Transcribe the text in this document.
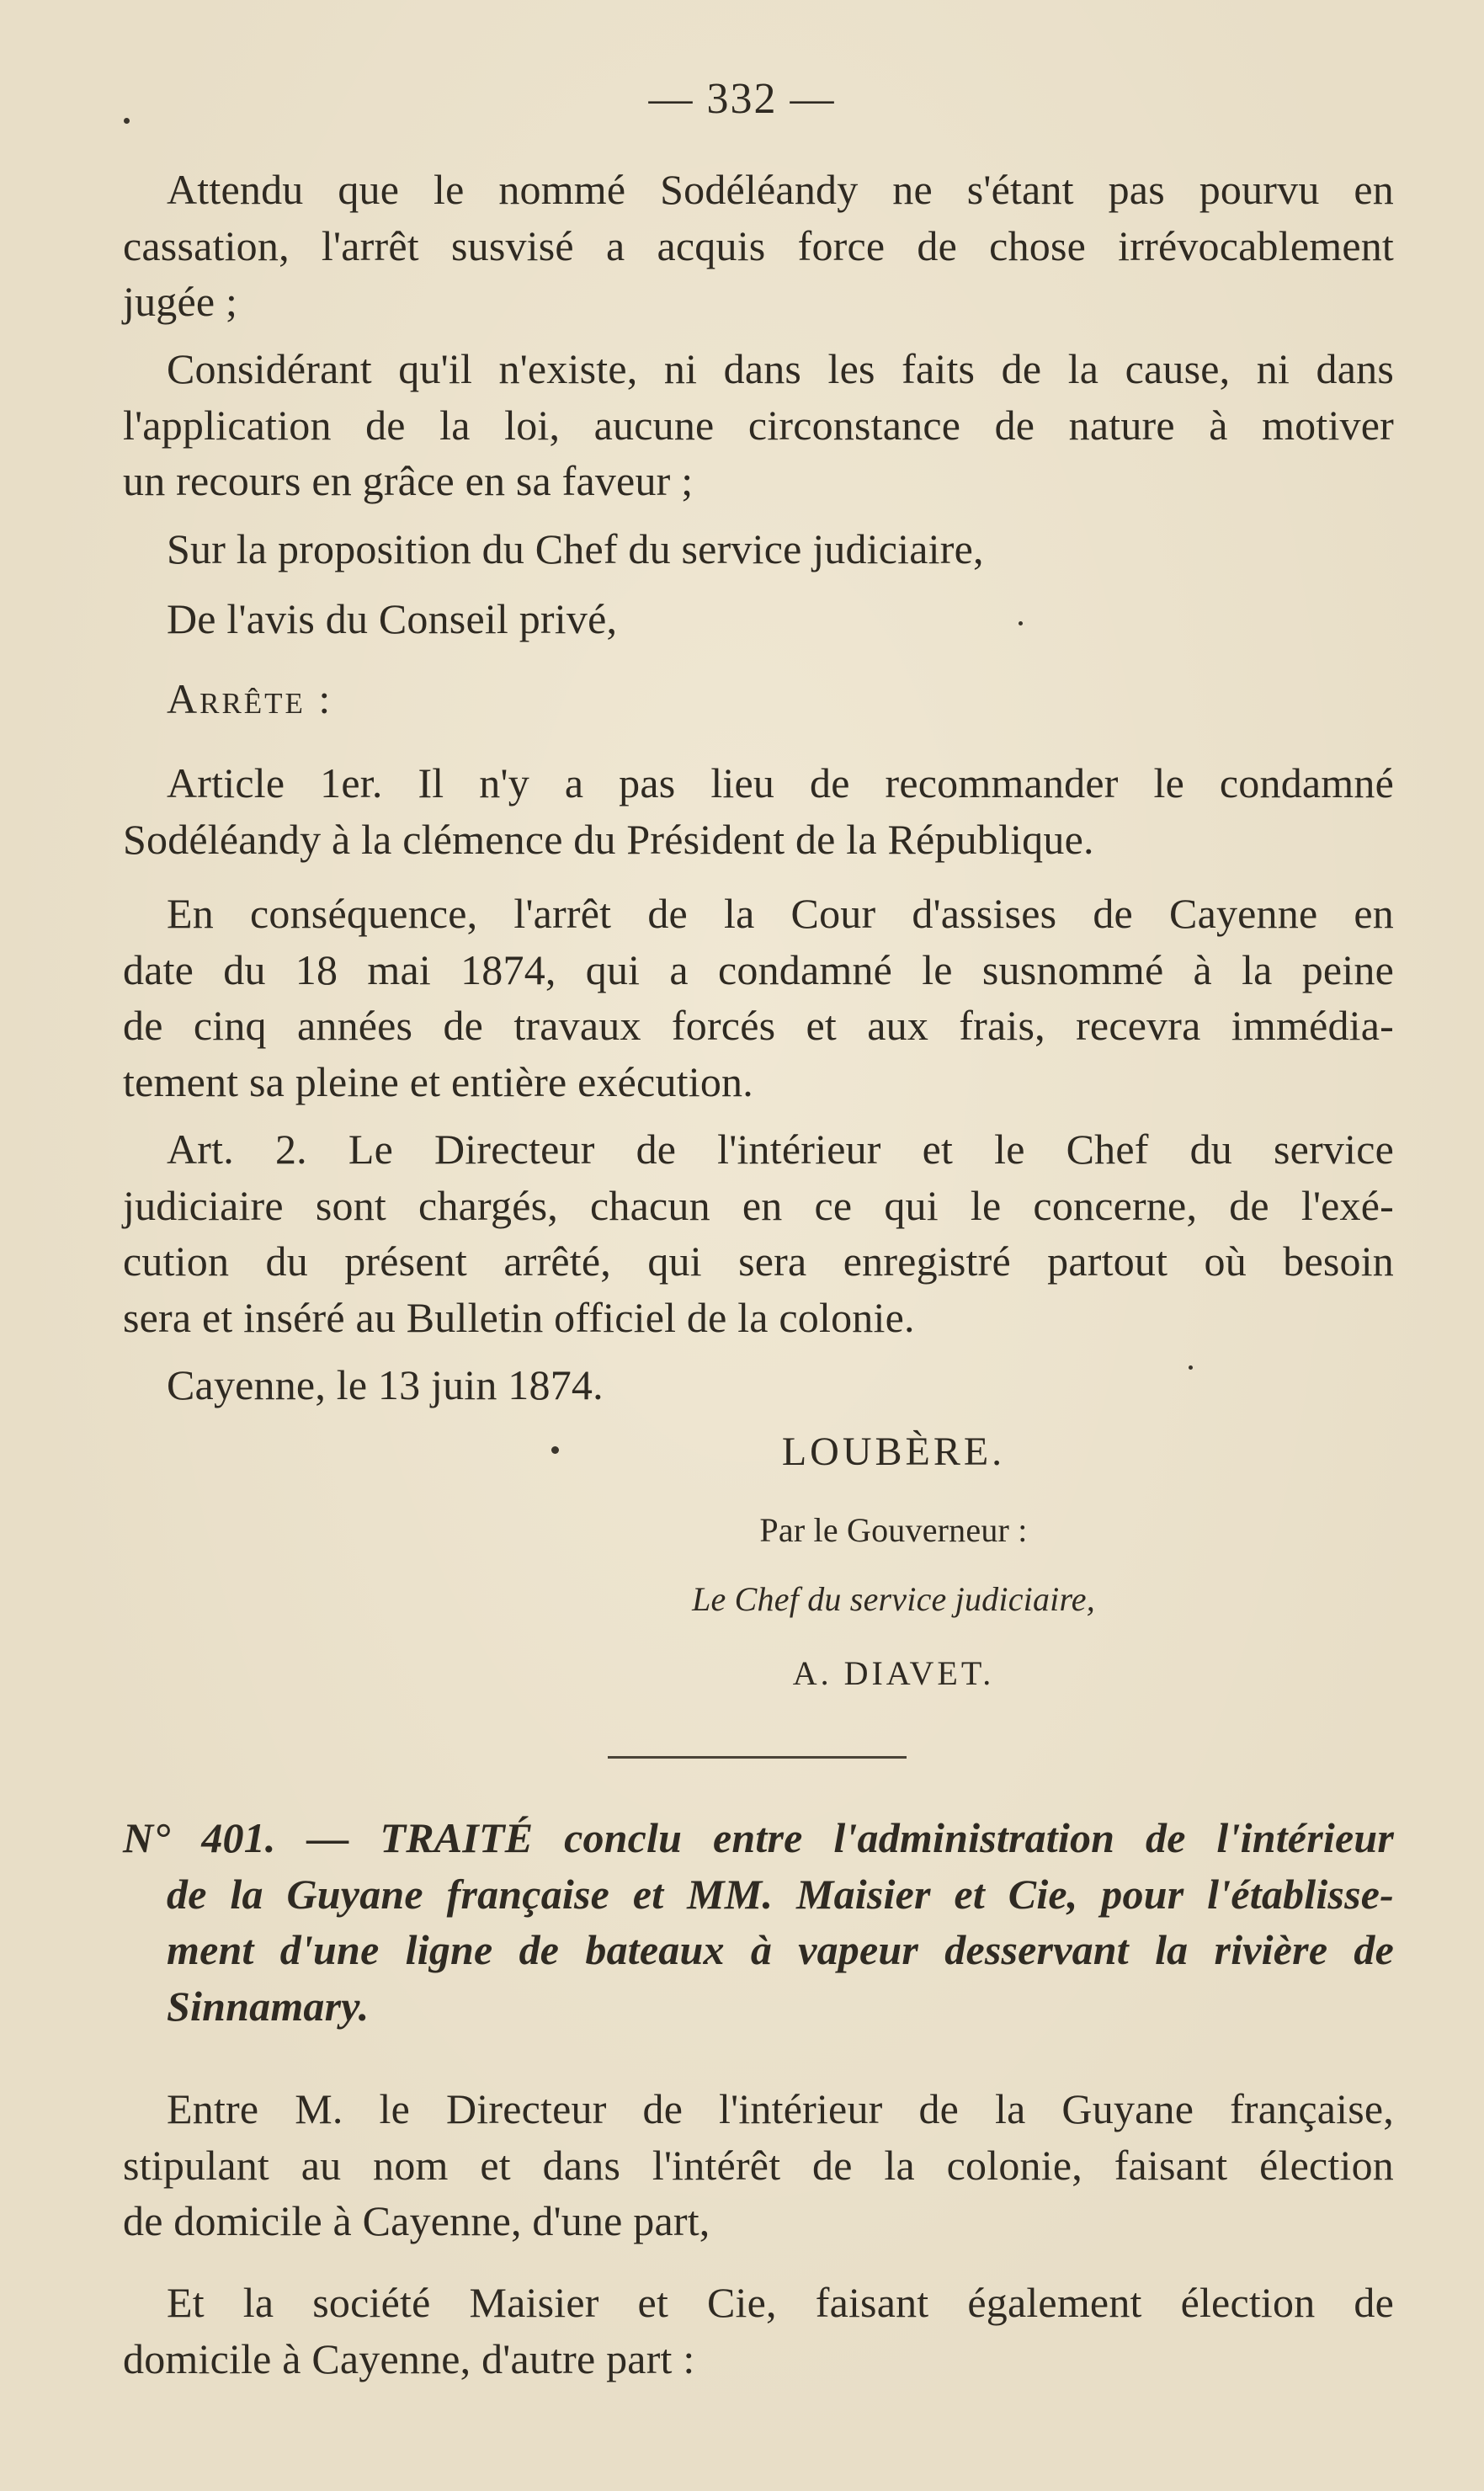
— 332 —
Attendu que le nommé Sodéléandy ne s'étant pas pourvu en
cassation, l'arrêt susvisé a acquis force de chose irrévocablement
jugée ;
Considérant qu'il n'existe, ni dans les faits de la cause, ni dans
l'application de la loi, aucune circonstance de nature à motiver
un recours en grâce en sa faveur ;
Sur la proposition du Chef du service judiciaire,
De l'avis du Conseil privé,
Arrête :
Article 1er. Il n'y a pas lieu de recommander le condamné
Sodéléandy à la clémence du Président de la République.
En conséquence, l'arrêt de la Cour d'assises de Cayenne en
date du 18 mai 1874, qui a condamné le susnommé à la peine
de cinq années de travaux forcés et aux frais, recevra immédia-
tement sa pleine et entière exécution.
Art. 2. Le Directeur de l'intérieur et le Chef du service
judiciaire sont chargés, chacun en ce qui le concerne, de l'exé-
cution du présent arrêté, qui sera enregistré partout où besoin
sera et inséré au Bulletin officiel de la colonie.
Cayenne, le 13 juin 1874.
LOUBÈRE.
Par le Gouverneur :
Le Chef du service judiciaire,
A. DIAVET.
N° 401. — TRAITÉ conclu entre l'administration de l'intérieur
de la Guyane française et MM. Maisier et Cie, pour l'établisse-
ment d'une ligne de bateaux à vapeur desservant la rivière de
Sinnamary.
Entre M. le Directeur de l'intérieur de la Guyane française,
stipulant au nom et dans l'intérêt de la colonie, faisant élection
de domicile à Cayenne, d'une part,
Et la société Maisier et Cie, faisant également élection de
domicile à Cayenne, d'autre part :
